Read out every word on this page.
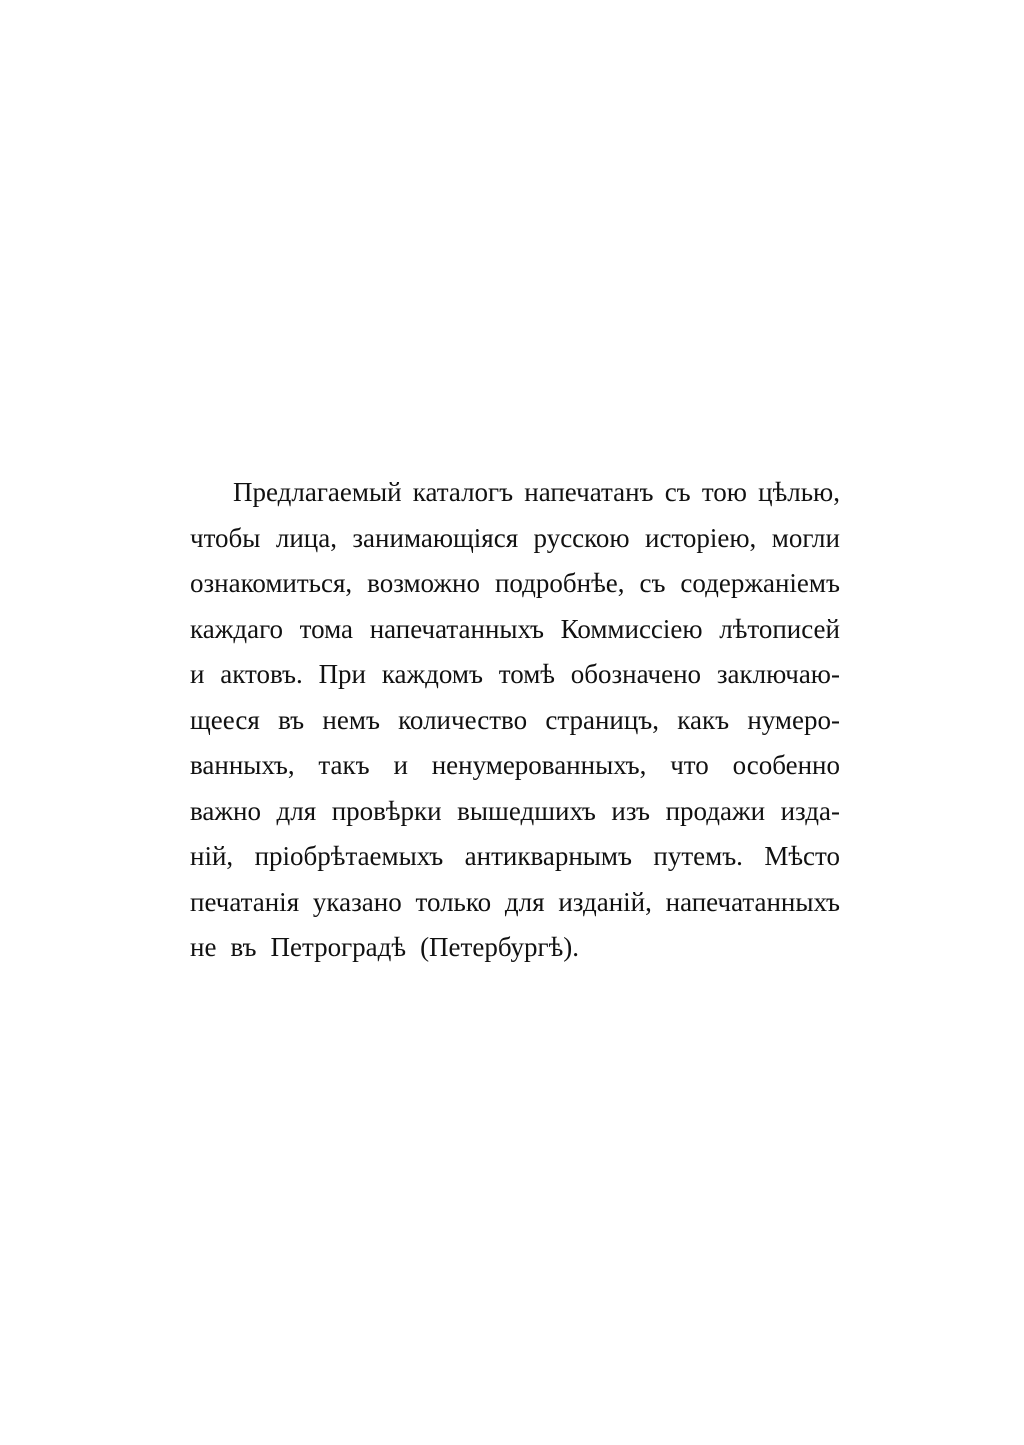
Предлагаемый каталогъ напечатанъ съ тою цѣлью,
чтобы лица, занимающіяся русскою исторіею, могли
ознакомиться, возможно подробнѣе, съ содержаніемъ
каждаго тома напечатанныхъ Коммиссіею лѣтописей
и актовъ. При каждомъ томѣ обозначено заключаю-
щееся въ немъ количество страницъ, какъ нумеро-
ванныхъ, такъ и ненумерованныхъ, что особенно
важно для провѣрки вышедшихъ изъ продажи изда-
ній, пріобрѣтаемыхъ антикварнымъ путемъ. Мѣсто
печатанія указано только для изданій, напечатанныхъ
не въ Петроградѣ (Петербургѣ).
